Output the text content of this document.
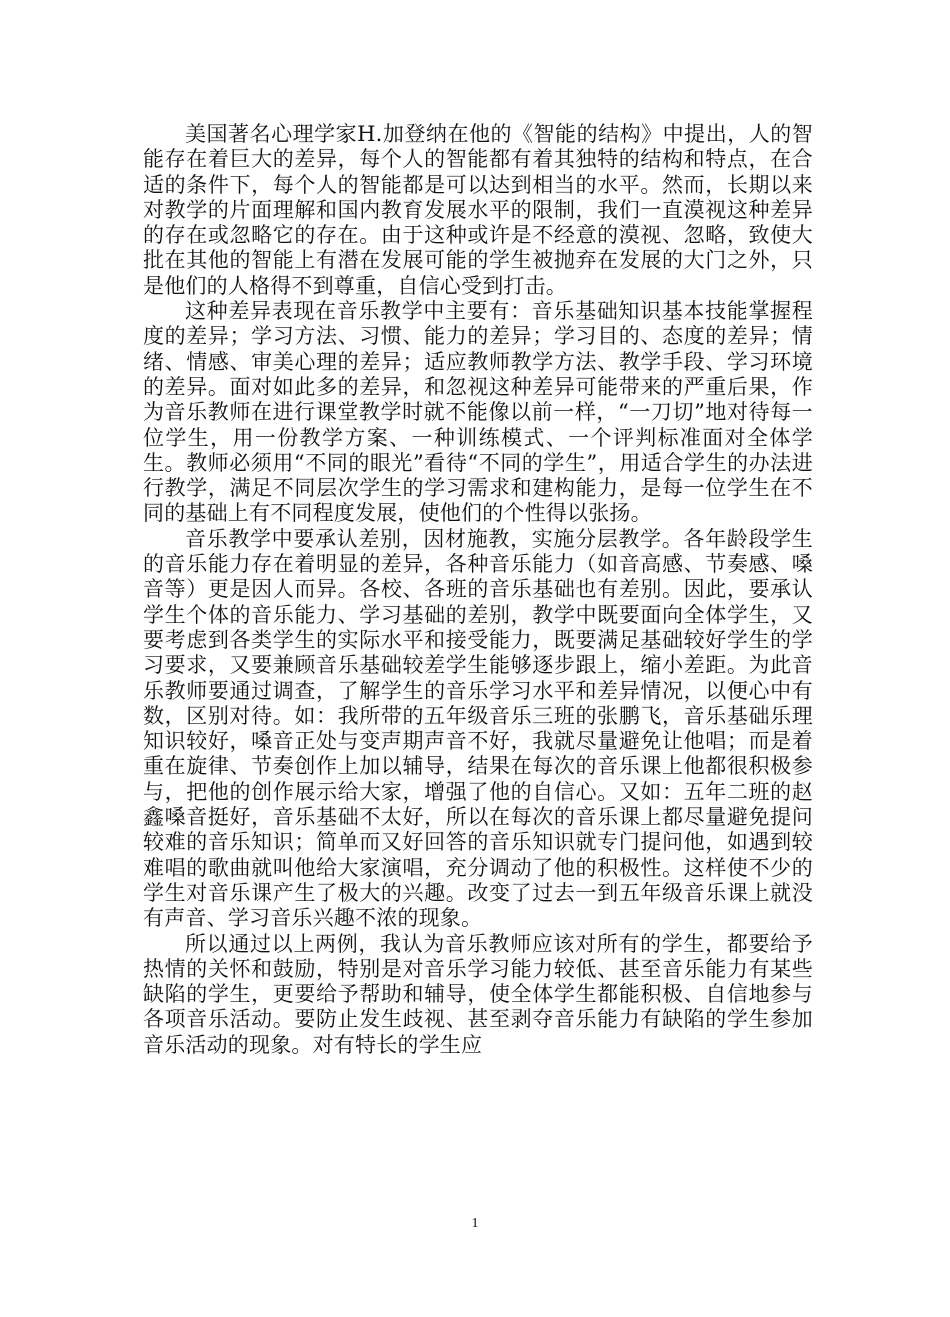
美国著名心理学家H.加登纳在他的《智能的结构》中提出，人的智能存在着巨大的差异，每个人的智能都有着其独特的结构和特点，在合适的条件下，每个人的智能都是可以达到相当的水平。然而，长期以来对教学的片面理解和国内教育发展水平的限制，我们一直漠视这种差异的存在或忽略它的存在。由于这种或许是不经意的漠视、忽略，致使大批在其他的智能上有潜在发展可能的学生被抛弃在发展的大门之外，只是他们的人格得不到尊重，自信心受到打击。

这种差异表现在音乐教学中主要有：音乐基础知识基本技能掌握程度的差异；学习方法、习惯、能力的差异；学习目的、态度的差异；情绪、情感、审美心理的差异；适应教师教学方法、教学手段、学习环境的差异。面对如此多的差异，和忽视这种差异可能带来的严重后果，作为音乐教师在进行课堂教学时就不能像以前一样，“一刀切”地对待每一位学生，用一份教学方案、一种训练模式、一个评判标准面对全体学生。教师必须用“不同的眼光”看待“不同的学生”，用适合学生的办法进行教学，满足不同层次学生的学习需求和建构能力，是每一位学生在不同的基础上有不同程度发展，使他们的个性得以张扬。

音乐教学中要承认差别，因材施教，实施分层教学。各年龄段学生的音乐能力存在着明显的差异，各种音乐能力（如音高感、节奏感、嗓音等）更是因人而异。各校、各班的音乐基础也有差别。因此，要承认学生个体的音乐能力、学习基础的差别，教学中既要面向全体学生，又要考虑到各类学生的实际水平和接受能力，既要满足基础较好学生的学习要求，又要兼顾音乐基础较差学生能够逐步跟上，缩小差距。为此音乐教师要通过调查，了解学生的音乐学习水平和差异情况，以便心中有数，区别对待。如：我所带的五年级音乐三班的张鹏飞，音乐基础乐理知识较好，嗓音正处与变声期声音不好，我就尽量避免让他唱；而是着重在旋律、节奏创作上加以辅导，结果在每次的音乐课上他都很积极参与，把他的创作展示给大家，增强了他的自信心。又如：五年二班的赵鑫嗓音挺好，音乐基础不太好，所以在每次的音乐课上都尽量避免提问较难的音乐知识；简单而又好回答的音乐知识就专门提问他，如遇到较难唱的歌曲就叫他给大家演唱，充分调动了他的积极性。这样使不少的学生对音乐课产生了极大的兴趣。改变了过去一到五年级音乐课上就没有声音、学习音乐兴趣不浓的现象。

所以通过以上两例，我认为音乐教师应该对所有的学生，都要给予热情的关怀和鼓励，特别是对音乐学习能力较低、甚至音乐能力有某些缺陷的学生，更要给予帮助和辅导，使全体学生都能积极、自信地参与各项音乐活动。要防止发生歧视、甚至剥夺音乐能力有缺陷的学生参加音乐活动的现象。对有特长的学生应

1
